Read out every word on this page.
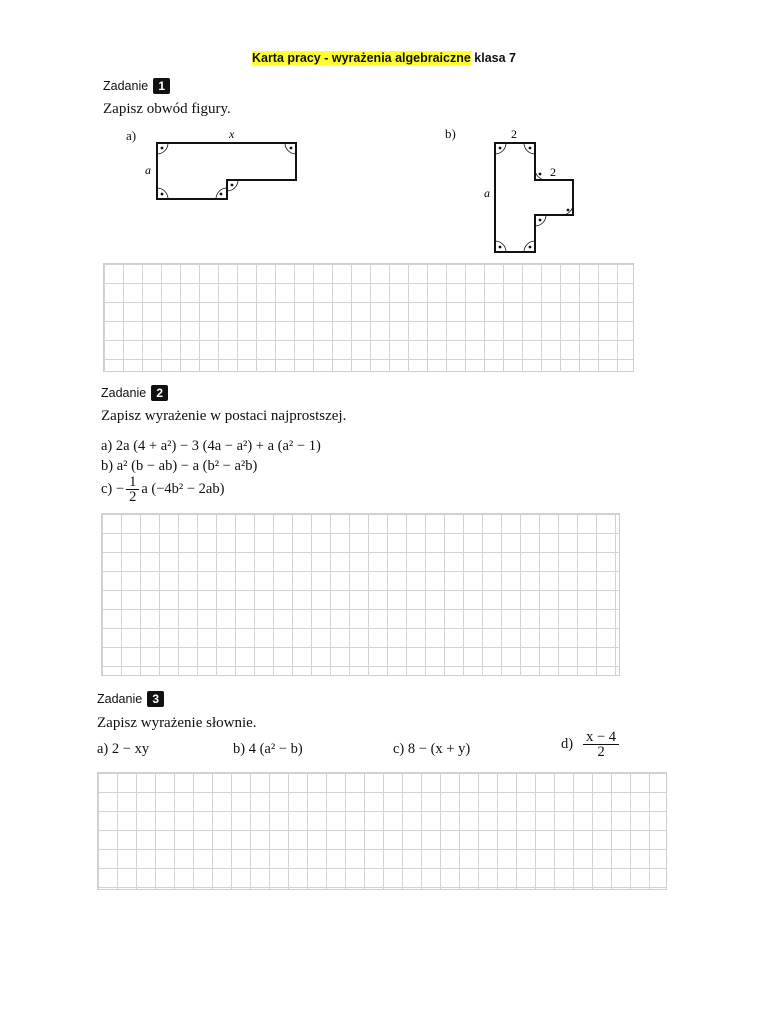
Karta pracy - wyrażenia algebraiczne klasa 7
Zadanie 1
Zapisz obwód figury.
a)	b)
x
a
2
2
a
Zadanie 2
Zapisz wyrażenie w postaci najprostszej.
a) 2a (4 + a²) − 3 (4a − a²) + a (a² − 1)
b) a² (b − ab) − a (b² − a²b)
$c) - \frac{1}{2}$ a (−4b² − 2ab)
Zadanie 3
Zapisz wyrażenie słownie.
a) 2 − xy	b) 4 (a² − b)	c) 8 − (x + y)	$d) \frac{x - 4}{2}$
